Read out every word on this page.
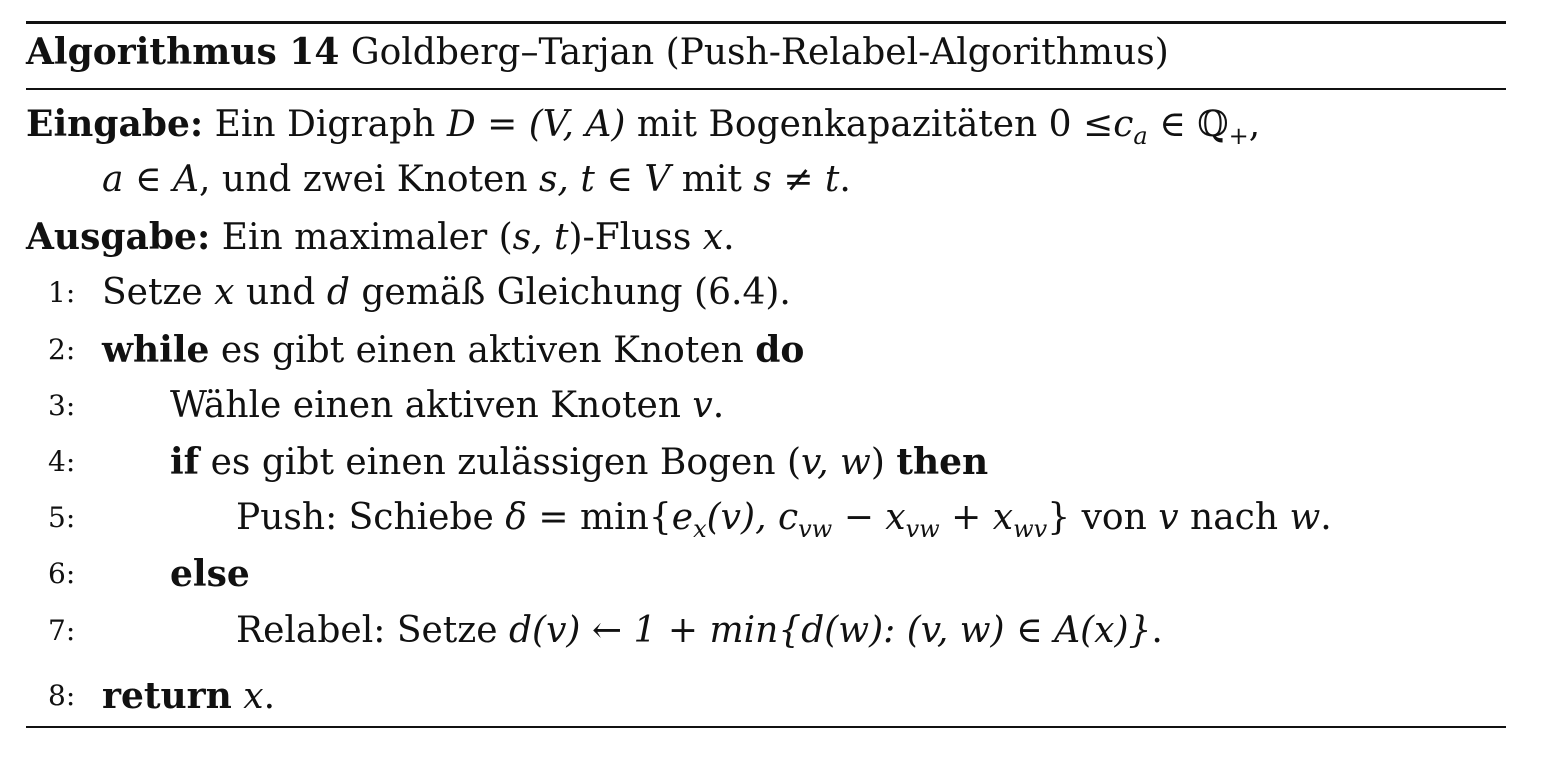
Algorithmus 14 Goldberg–Tarjan (Push-Relabel-Algorithmus)
Eingabe: Ein Digraph D = (V, A) mit Bogenkapazitäten $0 \le c_a$ ∈ ℚ$_+$,
a ∈ A, und zwei Knoten s, t ∈ V mit s ≠ t.
Ausgabe: Ein maximaler (s, t)-Fluss x.
1: Setze x und d gemäß Gleichung (6.4).
2: while es gibt einen aktiven Knoten do
3:	Wähle einen aktiven Knoten v.
4:	if es gibt einen zulässigen Bogen (v, w) then
5:	Push: Schiebe $\delta = \min\{e_x(v)$, $c_{vw} - x_{vw} + x_{wv}$} von v nach w.
6:	else
7:	Relabel: Setze d(v) ← 1 + min{d(w): (v, w) ∈ A(x)}.
8: return x.
